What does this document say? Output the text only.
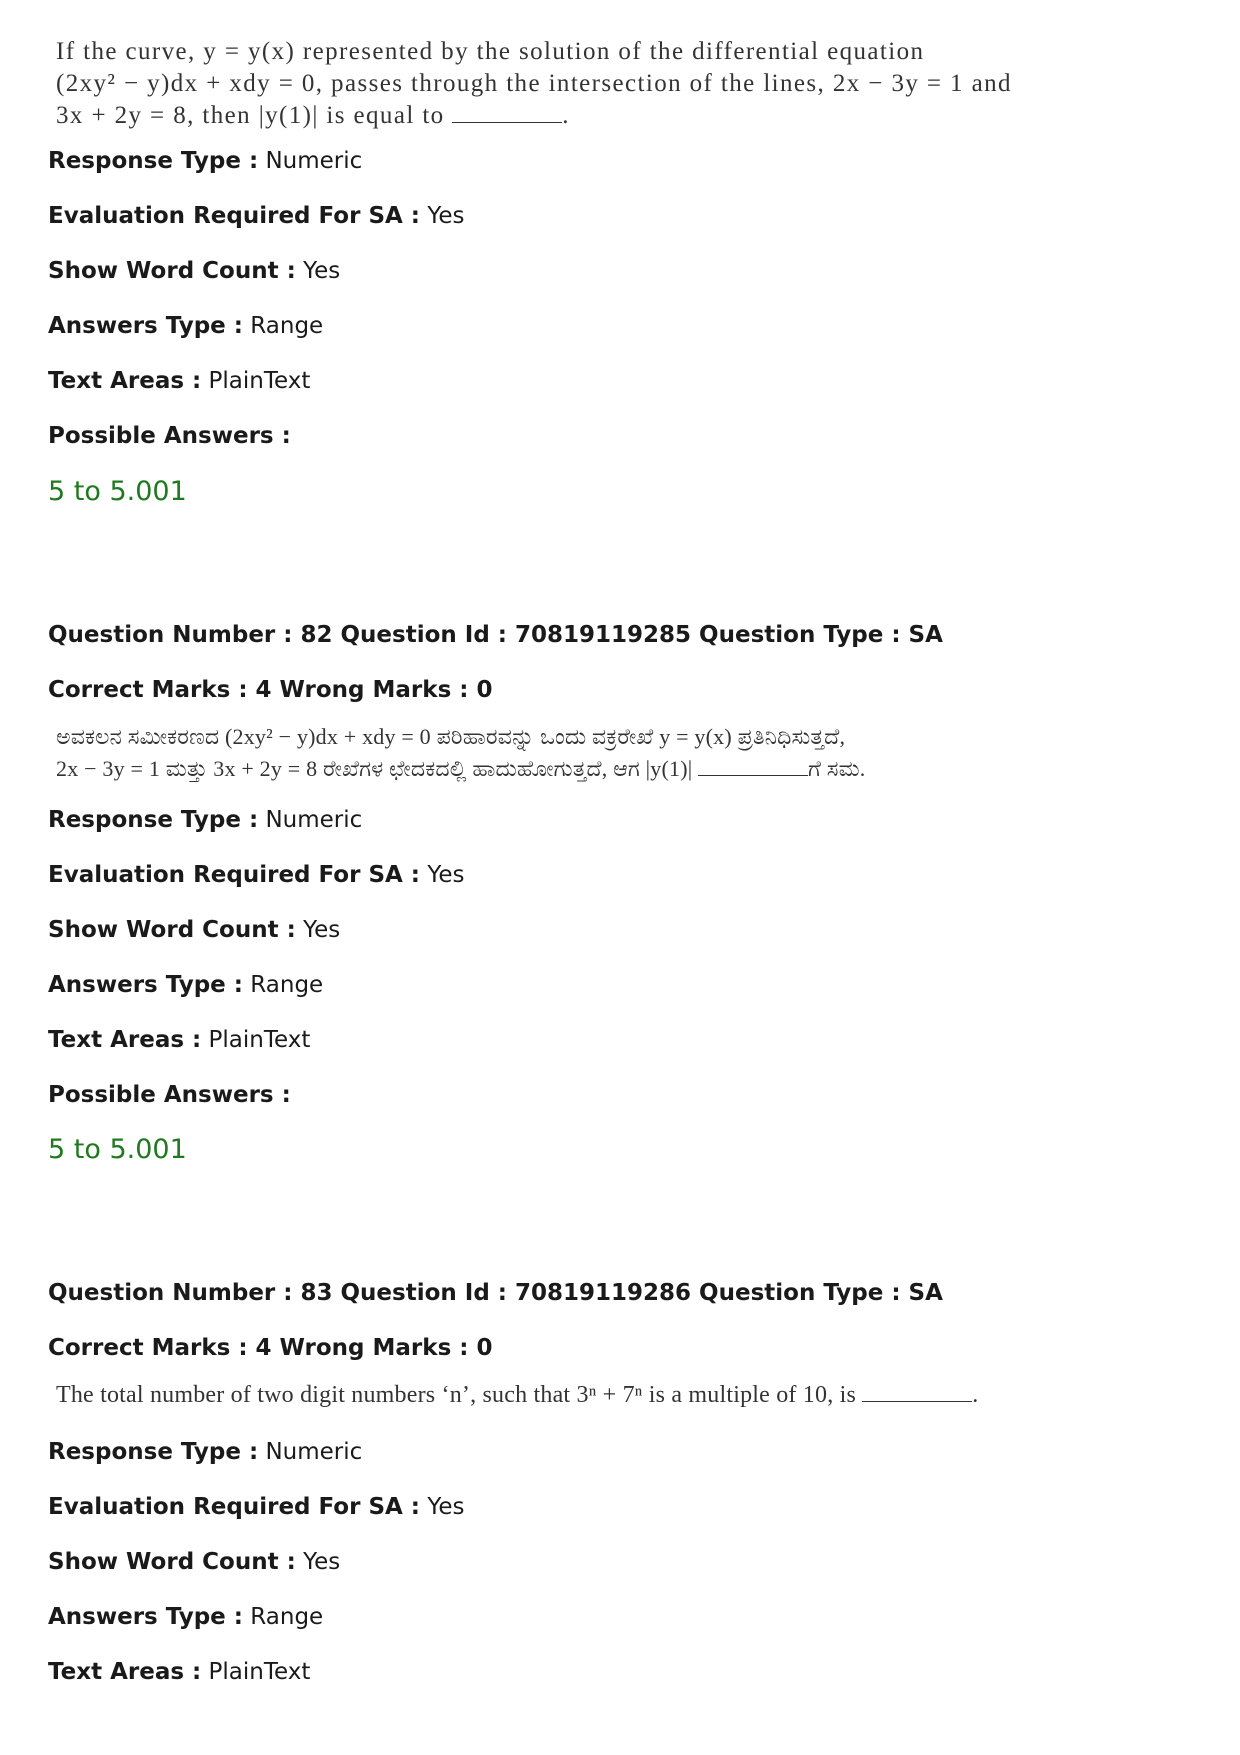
If the curve, y = y(x) represented by the solution of the differential equation
(2xy² − y)dx + xdy = 0, passes through the intersection of the lines, 2x − 3y = 1 and
3x + 2y = 8, then |y(1)| is equal to	.
Response Type : Numeric
Evaluation Required For SA : Yes
Show Word Count : Yes
Answers Type : Range
Text Areas : PlainText
Possible Answers :
5 to 5.001
Question Number : 82 Question Id : 70819119285 Question Type : SA
Correct Marks : 4 Wrong Marks : 0
ಅವಕಲನ ಸಮೀಕರಣದ (2xy² − y)dx + xdy = 0 ಪರಿಹಾರವನ್ನು ಒಂದು ವಕ್ರರೇಖೆ y = y(x) ಪ್ರತಿನಿಧಿಸುತ್ತದೆ,
2x − 3y = 1 ಮತ್ತು 3x + 2y = 8 ರೇಖೆಗಳ ಛೇದಕದಲ್ಲಿ ಹಾದುಹೋಗುತ್ತದೆ, ಆಗ |y(1)|	ಗೆ ಸಮ.
Response Type : Numeric
Evaluation Required For SA : Yes
Show Word Count : Yes
Answers Type : Range
Text Areas : PlainText
Possible Answers :
5 to 5.001
Question Number : 83 Question Id : 70819119286 Question Type : SA
Correct Marks : 4 Wrong Marks : 0
The total number of two digit numbers ‘n’, such that 3ⁿ + 7ⁿ is a multiple of 10, is	.
Response Type : Numeric
Evaluation Required For SA : Yes
Show Word Count : Yes
Answers Type : Range
Text Areas : PlainText
